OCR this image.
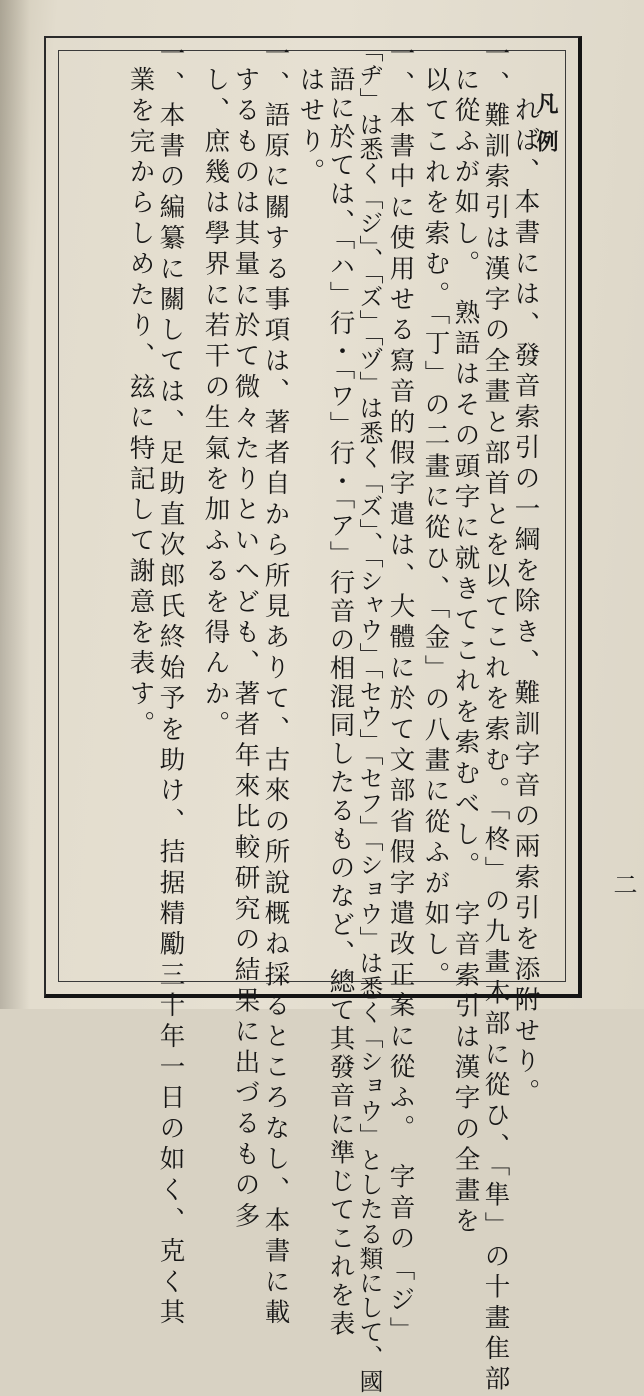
凡例
二
れば、本書には、發音索引の一綱を除き、難訓字音の兩索引を添附せり。
一、難訓索引は漢字の全畫と部首とを以てこれを索む。「柊」の九畫木部に從ひ、「隼」の十畫隹部
に從ふが如し。　熟語はその頭字に就きてこれを索むべし。　字音索引は漢字の全畫を
以てこれを索む。「丁」の二畫に從ひ、「金」の八畫に從ふが如し。
一、本書中に使用せる寫音的假字遣は、大體に於て文部省假字遣改正案に從ふ。　字音の「ジ」
「ヂ」は悉く「ジ」、「ズ」「ヅ」は悉く「ズ」、「シャウ」「セウ」「セフ」「ショウ」は悉く「ショウ」としたる類にして、國
語に於ては、「ハ」行・「ワ」行・「ア」行音の相混同したるものなど、總て其發音に準じてこれを表
はせり。
一、語原に關する事項は、著者自から所見ありて、古來の所說概ね採るところなし、本書に載
するものは其量に於て微々たりといへども、著者年來比較研究の結果に出づるもの多
し、庶幾は學界に若干の生氣を加ふるを得んか。
一、本書の編纂に關しては、足助直次郎氏終始予を助け、拮据精勵三十年一日の如く、克く其
業を完からしめたり、玆に特記して謝意を表す。
